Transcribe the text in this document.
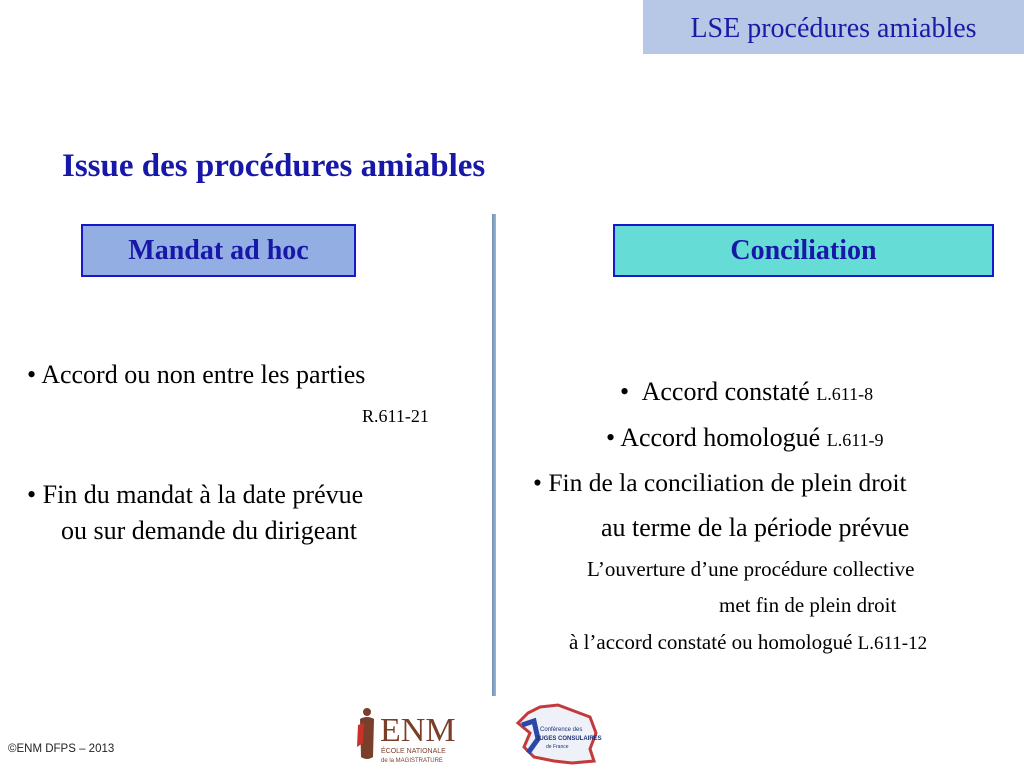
LSE procédures amiables
Issue des procédures amiables
Mandat ad hoc	Conciliation
• Accord ou non entre les parties
R.611-21
• Fin du mandat à la date prévue
ou sur demande du dirigeant
• Accord constaté L.611-8
• Accord homologué L.611-9
• Fin de la conciliation de plein droit
au terme de la période prévue
L’ouverture d’une procédure collective
met fin de plein droit
à l’accord constaté ou homologué L.611-12
©ENM DFPS – 2013	ENM
ÉCOLE NATIONALE
de la MAGISTRATURE
Conférence des
JUGES CONSULAIRES
de France
